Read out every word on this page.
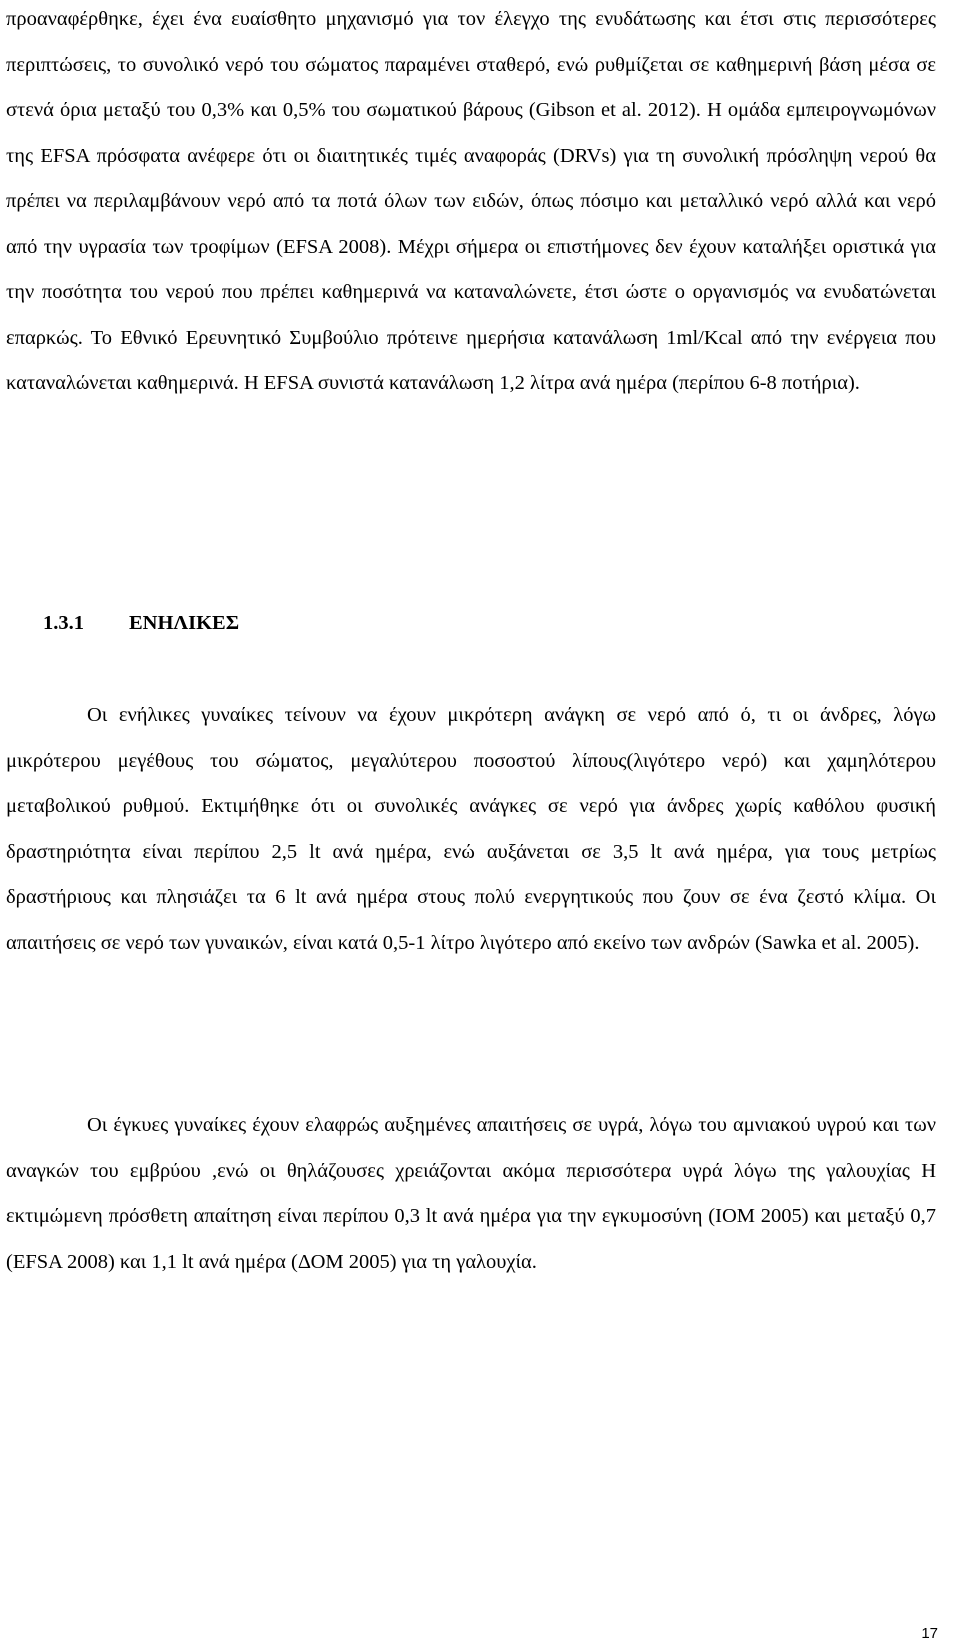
προαναφέρθηκε, έχει ένα ευαίσθητο μηχανισμό για τον έλεγχο της ενυδάτωσης και έτσι στις περισσότερες περιπτώσεις, το συνολικό νερό του σώματος παραμένει σταθερό, ενώ ρυθμίζεται σε καθημερινή βάση μέσα σε στενά όρια μεταξύ του 0,3% και 0,5% του σωματικού βάρους (Gibson et al. 2012). Η ομάδα εμπειρογνωμόνων της EFSA πρόσφατα ανέφερε ότι οι διαιτητικές τιμές αναφοράς (DRVs) για τη συνολική πρόσληψη νερού θα πρέπει να περιλαμβάνουν νερό από τα ποτά όλων των ειδών, όπως πόσιμο και μεταλλικό νερό αλλά και νερό από την υγρασία των τροφίμων (EFSA 2008). Μέχρι σήμερα οι επιστήμονες δεν έχουν καταλήξει οριστικά για την ποσότητα του νερού που πρέπει καθημερινά να καταναλώνετε, έτσι ώστε ο οργανισμός να ενυδατώνεται επαρκώς. Το Εθνικό Ερευνητικό Συμβούλιο πρότεινε ημερήσια κατανάλωση 1ml/Kcal από την ενέργεια που καταναλώνεται καθημερινά. Η EFSA συνιστά κατανάλωση 1,2 λίτρα ανά ημέρα (περίπου 6-8 ποτήρια).

1.3.1 ΕΝΗΛΙΚΕΣ

Οι ενήλικες γυναίκες τείνουν να έχουν μικρότερη ανάγκη σε νερό από ό, τι οι άνδρες, λόγω μικρότερου μεγέθους του σώματος, μεγαλύτερου ποσοστού λίπους(λιγότερο νερό) και χαμηλότερου μεταβολικού ρυθμού. Εκτιμήθηκε ότι οι συνολικές ανάγκες σε νερό για άνδρες χωρίς καθόλου φυσική δραστηριότητα είναι περίπου 2,5 lt ανά ημέρα, ενώ αυξάνεται σε 3,5 lt ανά ημέρα, για τους μετρίως δραστήριους και πλησιάζει τα 6 lt ανά ημέρα στους πολύ ενεργητικούς που ζουν σε ένα ζεστό κλίμα. Οι απαιτήσεις σε νερό των γυναικών, είναι κατά 0,5-1 λίτρο λιγότερο από εκείνο των ανδρών (Sawka et al. 2005).

Οι έγκυες γυναίκες έχουν ελαφρώς αυξημένες απαιτήσεις σε υγρά, λόγω του αμνιακού υγρού και των αναγκών του εμβρύου ,ενώ οι θηλάζουσες χρειάζονται ακόμα περισσότερα υγρά λόγω της γαλουχίας Η εκτιμώμενη πρόσθετη απαίτηση είναι περίπου 0,3 lt ανά ημέρα για την εγκυμοσύνη (IOM 2005) και μεταξύ 0,7 (EFSA 2008) και 1,1 lt ανά ημέρα (ΔΟΜ 2005) για τη γαλουχία.

17
